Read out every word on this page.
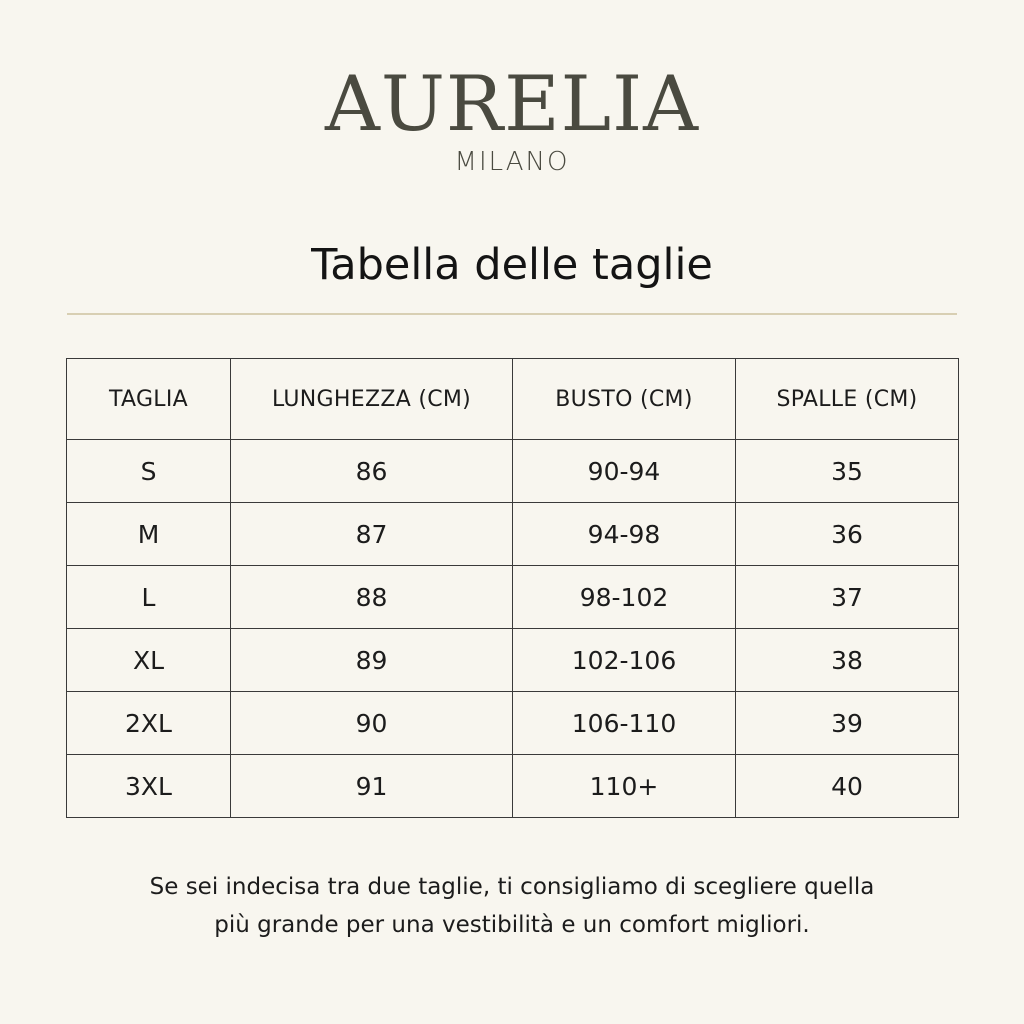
AURELIA
MILANO
Tabella delle taglie
TAGLIA	LUNGHEZZA (CM)	BUSTO (CM)	SPALLE (CM)
S	86	90-94	35
M	87	94-98	36
L	88	98-102	37
XL	89	102-106	38
2XL	90	106-110	39
3XL	91	110+	40
Se sei indecisa tra due taglie, ti consigliamo di scegliere quella
più grande per una vestibilità e un comfort migliori.
